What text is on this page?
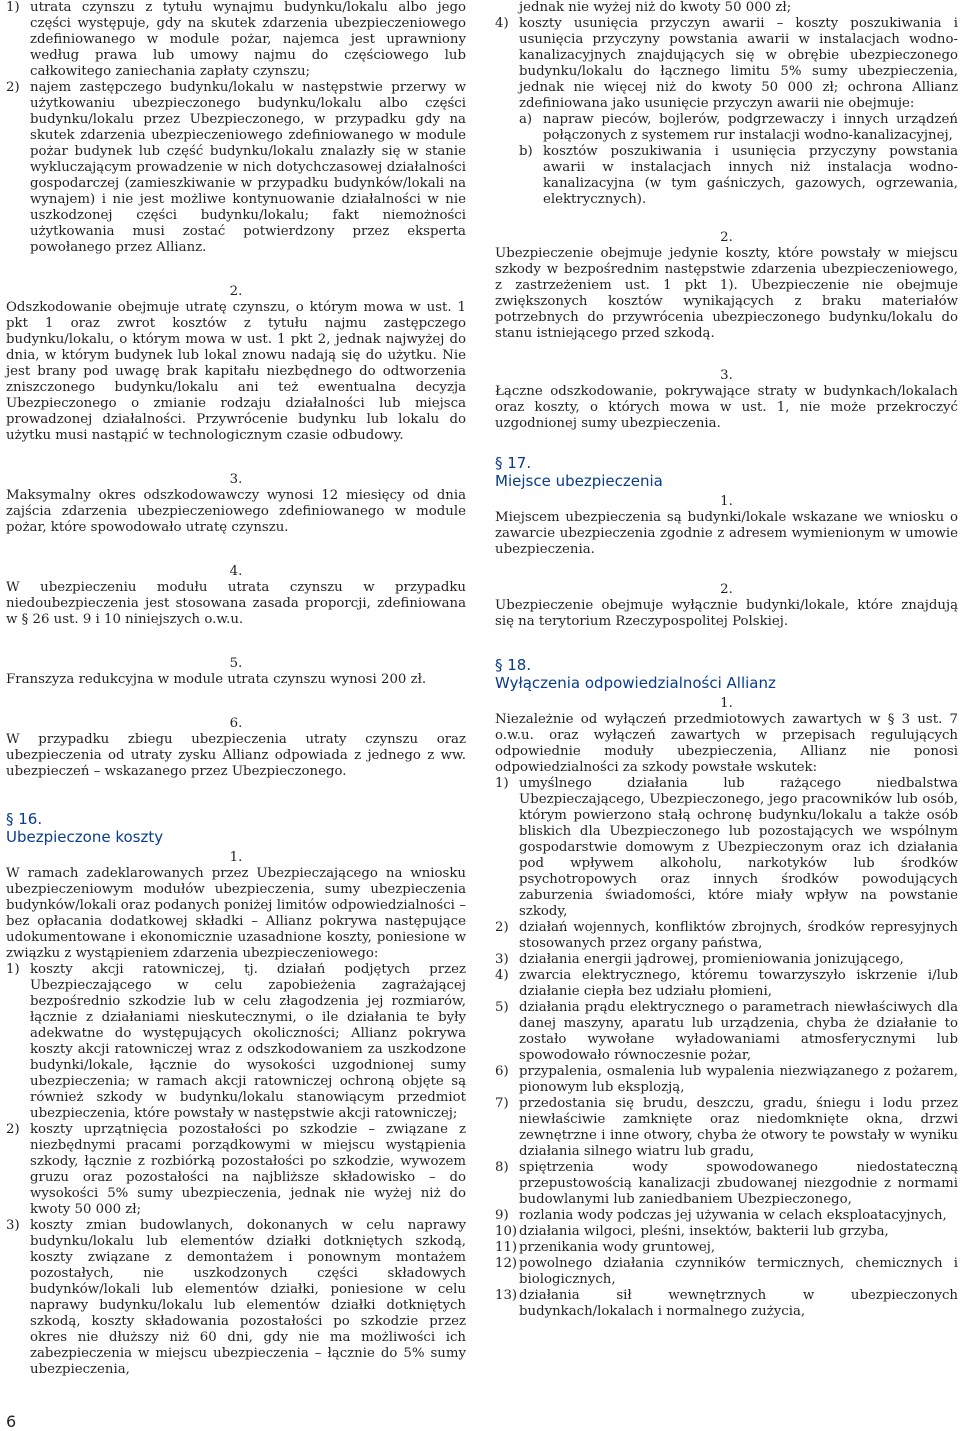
1) utrata czynszu z tytułu wynajmu budynku/lokalu albo jego części występuje, gdy na skutek zdarzenia ubezpieczeniowego zdefiniowanego w module pożar, najemca jest uprawniony według prawa lub umowy najmu do częściowego lub całkowitego zaniechania zapłaty czynszu;
2) najem zastępczego budynku/lokalu w następstwie przerwy w użytkowaniu ubezpieczonego budynku/lokalu albo części budynku/lokalu przez Ubezpieczonego, w przypadku gdy na skutek zdarzenia ubezpieczeniowego zdefiniowanego w module pożar budynek lub część budynku/lokalu znalazły się w stanie wykluczającym prowadzenie w nich dotychczasowej działalności gospodarczej (zamieszkiwanie w przypadku budynków/lokali na wynajem) i nie jest możliwe kontynuowanie działalności w nie uszkodzonej części budynku/lokalu; fakt niemożności użytkowania musi zostać potwierdzony przez eksperta powołanego przez Allianz.
2.

Odszkodowanie obejmuje utratę czynszu, o którym mowa w ust. 1 pkt 1 oraz zwrot kosztów z tytułu najmu zastępczego budynku/lokalu, o którym mowa w ust. 1 pkt 2, jednak najwyżej do dnia, w którym budynek lub lokal znowu nadają się do użytku. Nie jest brany pod uwagę brak kapitału niezbędnego do odtworzenia zniszczonego budynku/lokalu ani też ewentualna decyzja Ubezpieczonego o zmianie rodzaju działalności lub miejsca prowadzonej działalności. Przywrócenie budynku lub lokalu do użytku musi nastąpić w technologicznym czasie odbudowy.

3.

Maksymalny okres odszkodowawczy wynosi 12 miesięcy od dnia zajścia zdarzenia ubezpieczeniowego zdefiniowanego w module pożar, które spowodowało utratę czynszu.

4.

W ubezpieczeniu modułu utrata czynszu w przypadku niedoubezpieczenia jest stosowana zasada proporcji, zdefiniowana w § 26 ust. 9 i 10 niniejszych o.w.u.

5.

Franszyza redukcyjna w module utrata czynszu wynosi 200 zł.

6.

W przypadku zbiegu ubezpieczenia utraty czynszu oraz ubezpieczenia od utraty zysku Allianz odpowiada z jednego z ww. ubezpieczeń – wskazanego przez Ubezpieczonego.

§ 16.
Ubezpieczone koszty
1.

W ramach zadeklarowanych przez Ubezpieczającego na wniosku ubezpieczeniowym modułów ubezpieczenia, sumy ubezpieczenia budynków/lokali oraz podanych poniżej limitów odpowiedzialności – bez opłacania dodatkowej składki – Allianz pokrywa następujące udokumentowane i ekonomicznie uzasadnione koszty, poniesione w związku z wystąpieniem zdarzenia ubezpieczeniowego:

1) koszty akcji ratowniczej, tj. działań podjętych przez Ubezpieczającego w celu zapobieżenia zagrażającej bezpośrednio szkodzie lub w celu złagodzenia jej rozmiarów, łącznie z działaniami nieskutecznymi, o ile działania te były adekwatne do występujących okoliczności; Allianz pokrywa koszty akcji ratowniczej wraz z odszkodowaniem za uszkodzone budynki/lokale, łącznie do wysokości uzgodnionej sumy ubezpieczenia; w ramach akcji ratowniczej ochroną objęte są również szkody w budynku/lokalu stanowiącym przedmiot ubezpieczenia, które powstały w następstwie akcji ratowniczej;
2) koszty uprzątnięcia pozostałości po szkodzie – związane z niezbędnymi pracami porządkowymi w miejscu wystąpienia szkody, łącznie z rozbiórką pozostałości po szkodzie, wywozem gruzu oraz pozostałości na najbliższe składowisko – do wysokości 5% sumy ubezpieczenia, jednak nie wyżej niż do kwoty 50 000 zł;
3) koszty zmian budowlanych, dokonanych w celu naprawy budynku/lokalu lub elementów działki dotkniętych szkodą, koszty związane z demontażem i ponownym montażem pozostałych, nie uszkodzonych części składowych budynków/lokali lub elementów działki, poniesione w celu naprawy budynku/lokalu lub elementów działki dotkniętych szkodą, koszty składowania pozostałości po szkodzie przez okres nie dłuższy niż 60 dni, gdy nie ma możliwości ich zabezpieczenia w miejscu ubezpieczenia – łącznie do 5% sumy ubezpieczenia,
jednak nie wyżej niż do kwoty 50 000 zł;
4) koszty usunięcia przyczyn awarii – koszty poszukiwania i usunięcia przyczyny powstania awarii w instalacjach wodno-kanalizacyjnych znajdujących się w obrębie ubezpieczonego budynku/lokalu do łącznego limitu 5% sumy ubezpieczenia, jednak nie więcej niż do kwoty 50 000 zł; ochrona Allianz zdefiniowana jako usunięcie przyczyn awarii nie obejmuje:
a) napraw pieców, bojlerów, podgrzewaczy i innych urządzeń połączonych z systemem rur instalacji wodno-kanalizacyjnej,
b) kosztów poszukiwania i usunięcia przyczyny powstania awarii w instalacjach innych niż instalacja wodno- kanalizacyjna (w tym gaśniczych, gazowych, ogrzewania, elektrycznych).
2.

Ubezpieczenie obejmuje jedynie koszty, które powstały w miejscu szkody w bezpośrednim następstwie zdarzenia ubezpieczeniowego, z zastrzeżeniem ust. 1 pkt 1). Ubezpieczenie nie obejmuje zwiększonych kosztów wynikających z braku materiałów potrzebnych do przywrócenia ubezpieczonego budynku/lokalu do stanu istniejącego przed szkodą.

3.

Łączne odszkodowanie, pokrywające straty w budynkach/lokalach oraz koszty, o których mowa w ust. 1, nie może przekroczyć uzgodnionej sumy ubezpieczenia.

§ 17.
Miejsce ubezpieczenia
1.

Miejscem ubezpieczenia są budynki/lokale wskazane we wniosku o zawarcie ubezpieczenia zgodnie z adresem wymienionym w umowie ubezpieczenia.

2.

Ubezpieczenie obejmuje wyłącznie budynki/lokale, które znajdują się na terytorium Rzeczypospolitej Polskiej.

§ 18.
Wyłączenia odpowiedzialności Allianz
1.

Niezależnie od wyłączeń przedmiotowych zawartych w § 3 ust. 7 o.w.u. oraz wyłączeń zawartych w przepisach regulujących odpowiednie moduły ubezpieczenia, Allianz nie ponosi odpowiedzialności za szkody powstałe wskutek:

1) umyślnego działania lub rażącego niedbalstwa Ubezpieczającego, Ubezpieczonego, jego pracowników lub osób, którym powierzono stałą ochronę budynku/lokalu a także osób bliskich dla Ubezpieczonego lub pozostających we wspólnym gospodarstwie domowym z Ubezpieczonym oraz ich działania pod wpływem alkoholu, narkotyków lub środków psychotropowych oraz innych środków powodujących zaburzenia świadomości, które miały wpływ na powstanie szkody,
2) działań wojennych, konfliktów zbrojnych, środków represyjnych stosowanych przez organy państwa,
3) działania energii jądrowej, promieniowania jonizującego,
4) zwarcia elektrycznego, któremu towarzyszyło iskrzenie i/lub działanie ciepła bez udziału płomieni,
5) działania prądu elektrycznego o parametrach niewłaściwych dla danej maszyny, aparatu lub urządzenia, chyba że działanie to zostało wywołane wyładowaniami atmosferycznymi lub spowodowało równoczesnie pożar,
6) przypalenia, osmalenia lub wypalenia niezwiązanego z pożarem, pionowym lub eksplozją,
7) przedostania się brudu, deszczu, gradu, śniegu i lodu przez niewłaściwie zamknięte oraz niedomknięte okna, drzwi zewnętrzne i inne otwory, chyba że otwory te powstały w wyniku działania silnego wiatru lub gradu,
8) spiętrzenia wody spowodowanego niedostateczną przepustowością kanalizacji zbudowanej niezgodnie z normami budowlanymi lub zaniedbaniem Ubezpieczonego,
9) rozlania wody podczas jej używania w celach eksploatacyjnych,
10) działania wilgoci, pleśni, insektów, bakterii lub grzyba,
11) przenikania wody gruntowej,
12) powolnego działania czynników termicznych, chemicznych i biologicznych,
13) działania sił wewnętrznych w ubezpieczonych budynkach/lokalach i normalnego zużycia,
6
